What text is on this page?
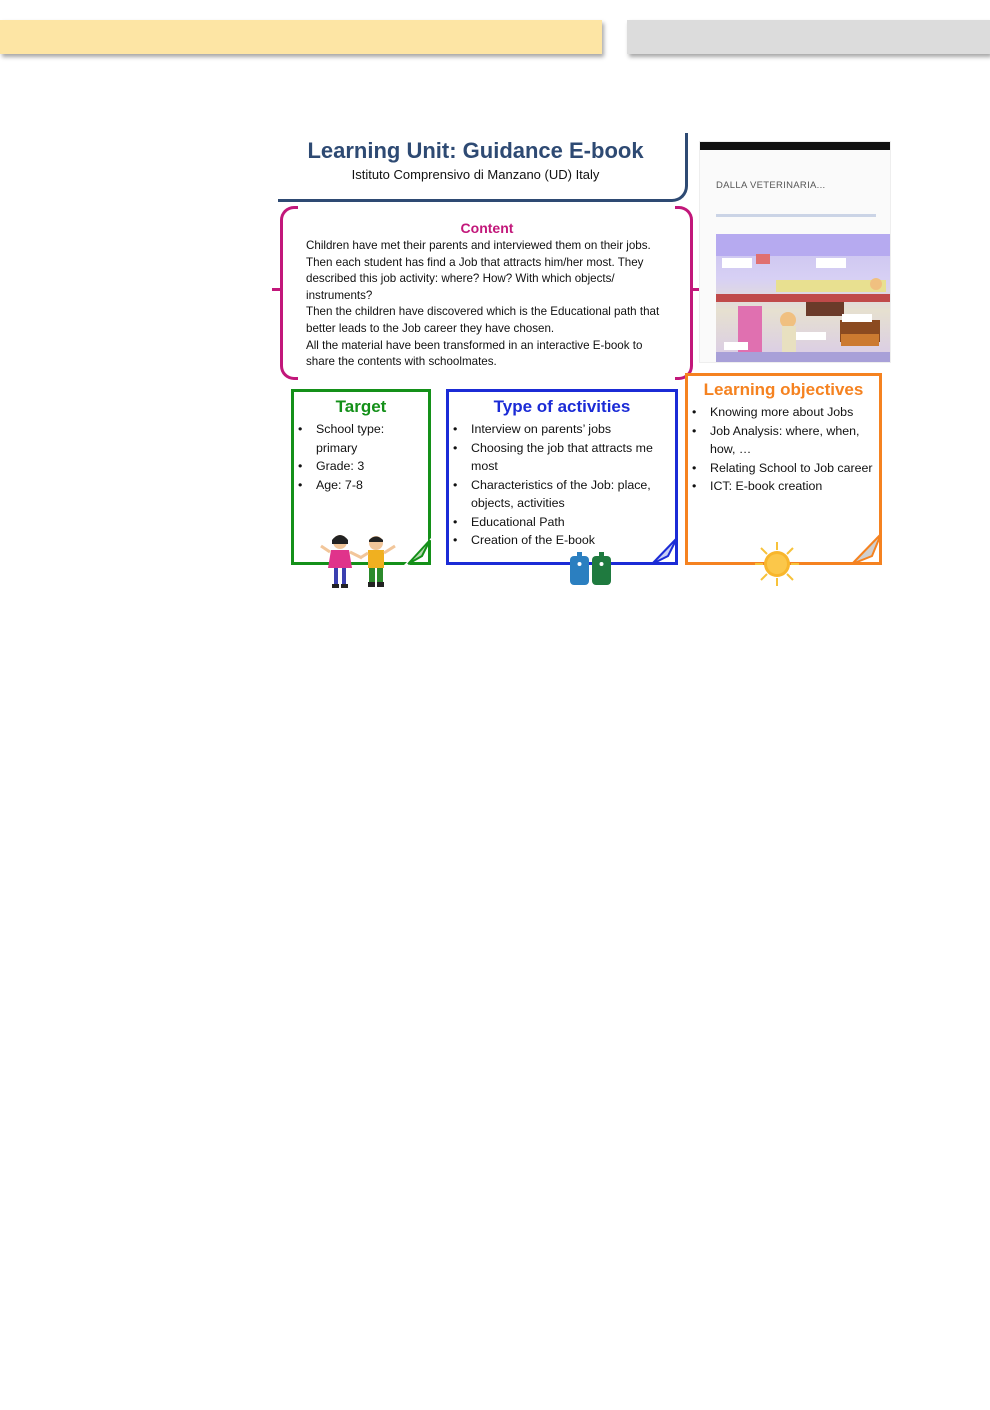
Learning Unit: Guidance E-book
Istituto Comprensivo di Manzano (UD) Italy
Content

Children have met their parents and interviewed them on their jobs. Then each student has find a Job that attracts him/her most. They described this job activity: where? How? With which objects/ instruments?

Then the children have discovered which is the Educational path that better leads to the Job career they have chosen.

All the material have been transformed in an interactive E-book to share the contents with schoolmates.

DALLA VETERINARIA...
Target
• School type: primary
• Grade: 3
• Age: 7-8
Type of activities
• Interview on parents’ jobs
• Choosing the job that attracts me most
• Characteristics of the Job: place, objects, activities
• Educational Path
• Creation of the E-book
Learning objectives
• Knowing more about Jobs
• Job Analysis: where, when, how, …
• Relating School to Job career
• ICT: E-book creation
